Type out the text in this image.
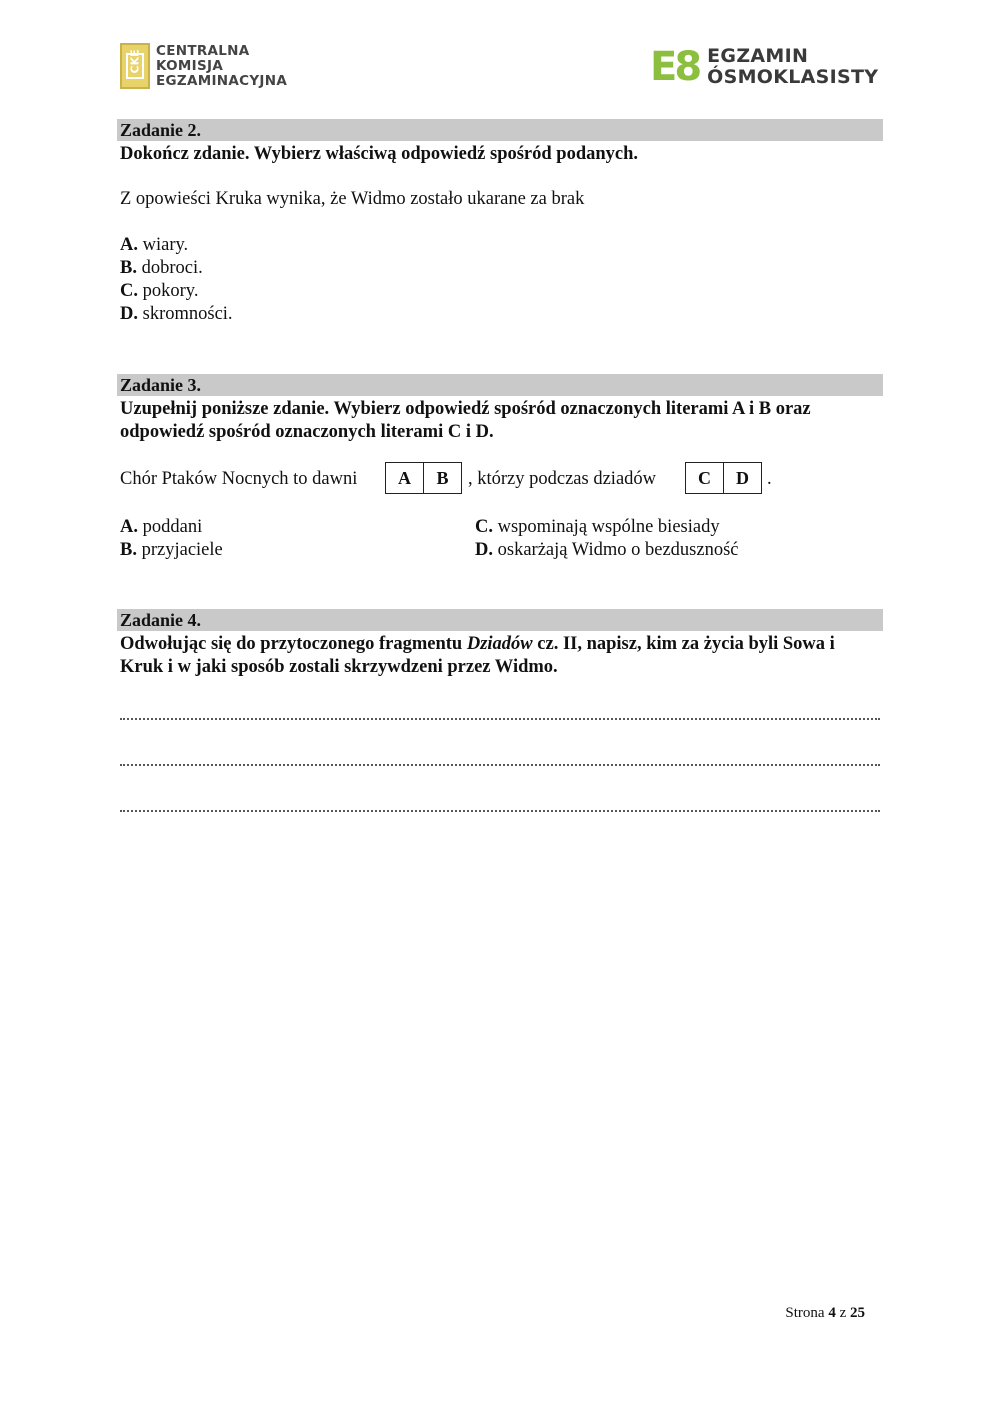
CKE CENTRALNA
KOMISJA
EGZAMINACYJNA	E8 EGZAMIN
ÓSMOKLASISTY
Zadanie 2.
Dokończ zdanie. Wybierz właściwą odpowiedź spośród podanych.
Z opowieści Kruka wynika, że Widmo zostało ukarane za brak
A. wiary.
B. dobroci.
C. pokory.
D. skromności.
Zadanie 3.
Uzupełnij poniższe zdanie. Wybierz odpowiedź spośród oznaczonych literami A i B oraz odpowiedź spośród oznaczonych literami C i D.
Chór Ptaków Nocnych to dawni	A	B	, którzy podczas dziadów	C	D .
A. poddani
B. przyjaciele
C. wspominają wspólne biesiady
D. oskarżają Widmo o bezduszność
Zadanie 4.
Odwołując się do przytoczonego fragmentu Dziadów cz. II, napisz, kim za życia byli Sowa i Kruk i w jaki sposób zostali skrzywdzeni przez Widmo.
Strona 4 z 25
